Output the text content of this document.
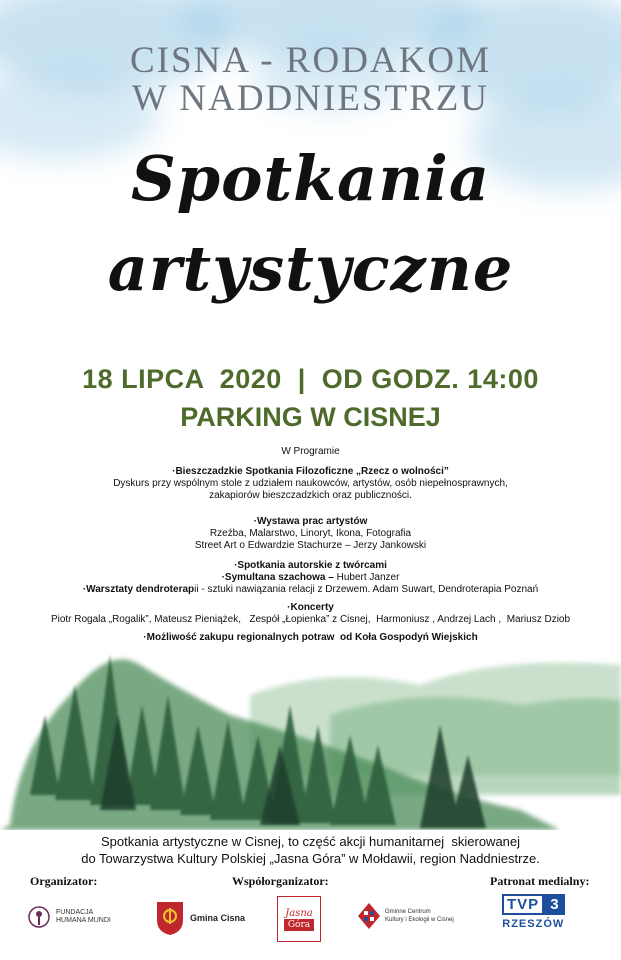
CISNA - RODAKOM
W NADDNIESTRZU
Spotkania
artystyczne
18 LIPCA  2020  |  OD GODZ. 14:00
PARKING W CISNEJ
W Programie
·Bieszczadzkie Spotkania Filozoficzne „Rzecz o wolności”
Dyskurs przy wspólnym stole z udziałem naukowców, artystów, osób niepełnosprawnych,
zakapiorów bieszczadzkich oraz publiczności.
·Wystawa prac artystów
Rzeźba, Malarstwo, Linoryt, Ikona, Fotografia
Street Art o Edwardzie Stachurze – Jerzy Jankowski
·Spotkania autorskie z twórcami
·Symultana szachowa – Hubert Janzer
·Warsztaty dendroterapii - sztuki nawiązania relacji z Drzewem. Adam Suwart, Dendroterapia Poznań
·Koncerty
Piotr Rogala „Rogalik”, Mateusz Pieniążek,   Zespół „Łopienka” z Cisnej,  Harmoniusz , Andrzej Lach ,  Mariusz Dziob
·Możliwość zakupu regionalnych potraw  od Koła Gospodyń Wiejskich
Spotkania artystyczne w Cisnej, to część akcji humanitarnej  skierowanej
do Towarzystwa Kultury Polskiej „Jasna Góra” w Mołdawii, region Naddniestrze.
Organizator:	Współorganizator:	Patronat medialny:
FUNDACJA
HUMANA MUNDI	Gmina Cisna	Jasna
Góra
Gminne Centrum
Kultury i Ekologii w Cisnej
TVP 3
RZESZÓW
